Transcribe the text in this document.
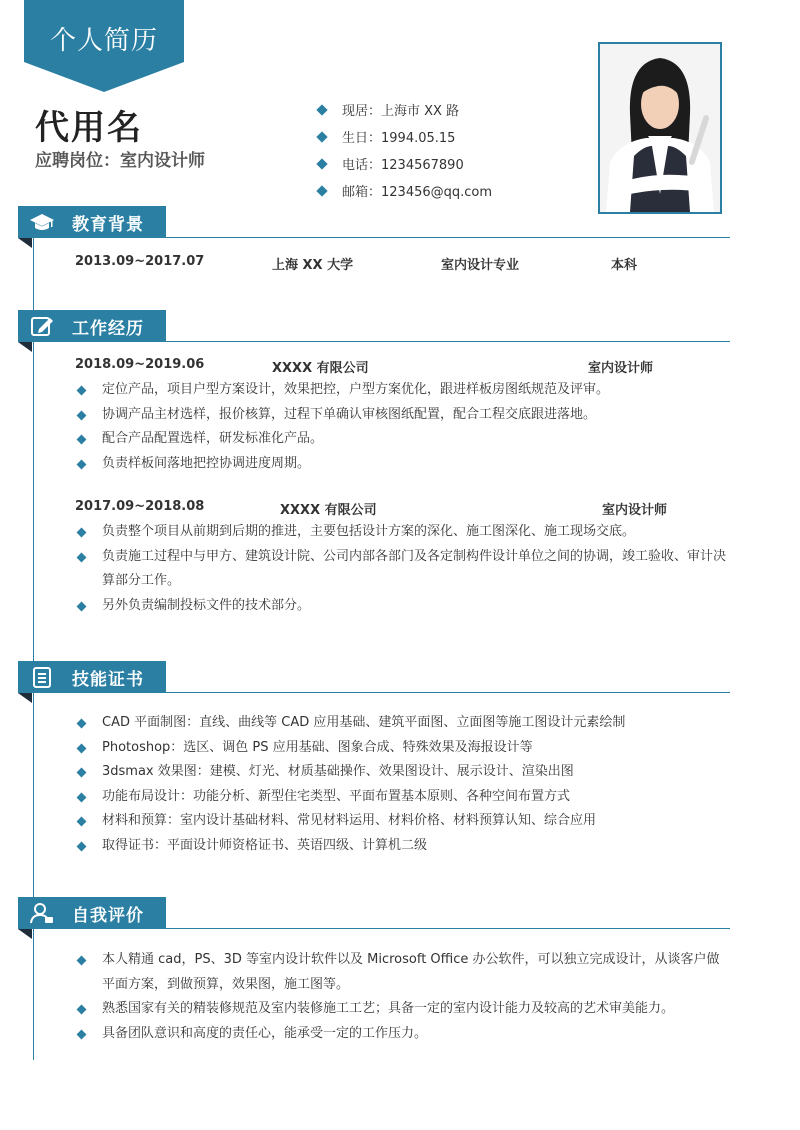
个人简历
代用名
应聘岗位：室内设计师
现居：上海市 XX 路
生日：1994.05.15
电话：1234567890
邮箱：123456@qq.com
教育背景
2013.09~2017.07	上海 XX 大学	室内设计专业	本科
工作经历
2018.09~2019.06	XXXX 有限公司	室内设计师
定位产品，项目户型方案设计，效果把控，户型方案优化，跟进样板房图纸规范及评审。
协调产品主材选样，报价核算，过程下单确认审核图纸配置，配合工程交底跟进落地。
配合产品配置选样，研发标准化产品。
负责样板间落地把控协调进度周期。
2017.09~2018.08	XXXX 有限公司	室内设计师
负责整个项目从前期到后期的推进，主要包括设计方案的深化、施工图深化、施工现场交底。
负责施工过程中与甲方、建筑设计院、公司内部各部门及各定制构件设计单位之间的协调，竣工验收、审计决算部分工作。
另外负责编制投标文件的技术部分。
技能证书
CAD 平面制图：直线、曲线等 CAD 应用基础、建筑平面图、立面图等施工图设计元素绘制
Photoshop：选区、调色 PS 应用基础、图象合成、特殊效果及海报设计等
3dsmax 效果图：建模、灯光、材质基础操作、效果图设计、展示设计、渲染出图
功能布局设计：功能分析、新型住宅类型、平面布置基本原则、各种空间布置方式
材料和预算：室内设计基础材料、常见材料运用、材料价格、材料预算认知、综合应用
取得证书：平面设计师资格证书、英语四级、计算机二级
自我评价
本人精通 cad，PS、3D 等室内设计软件以及 Microsoft Office 办公软件，可以独立完成设计，从谈客户做平面方案，到做预算，效果图，施工图等。
熟悉国家有关的精装修规范及室内装修施工工艺；具备一定的室内设计能力及较高的艺术审美能力。
具备团队意识和高度的责任心，能承受一定的工作压力。
